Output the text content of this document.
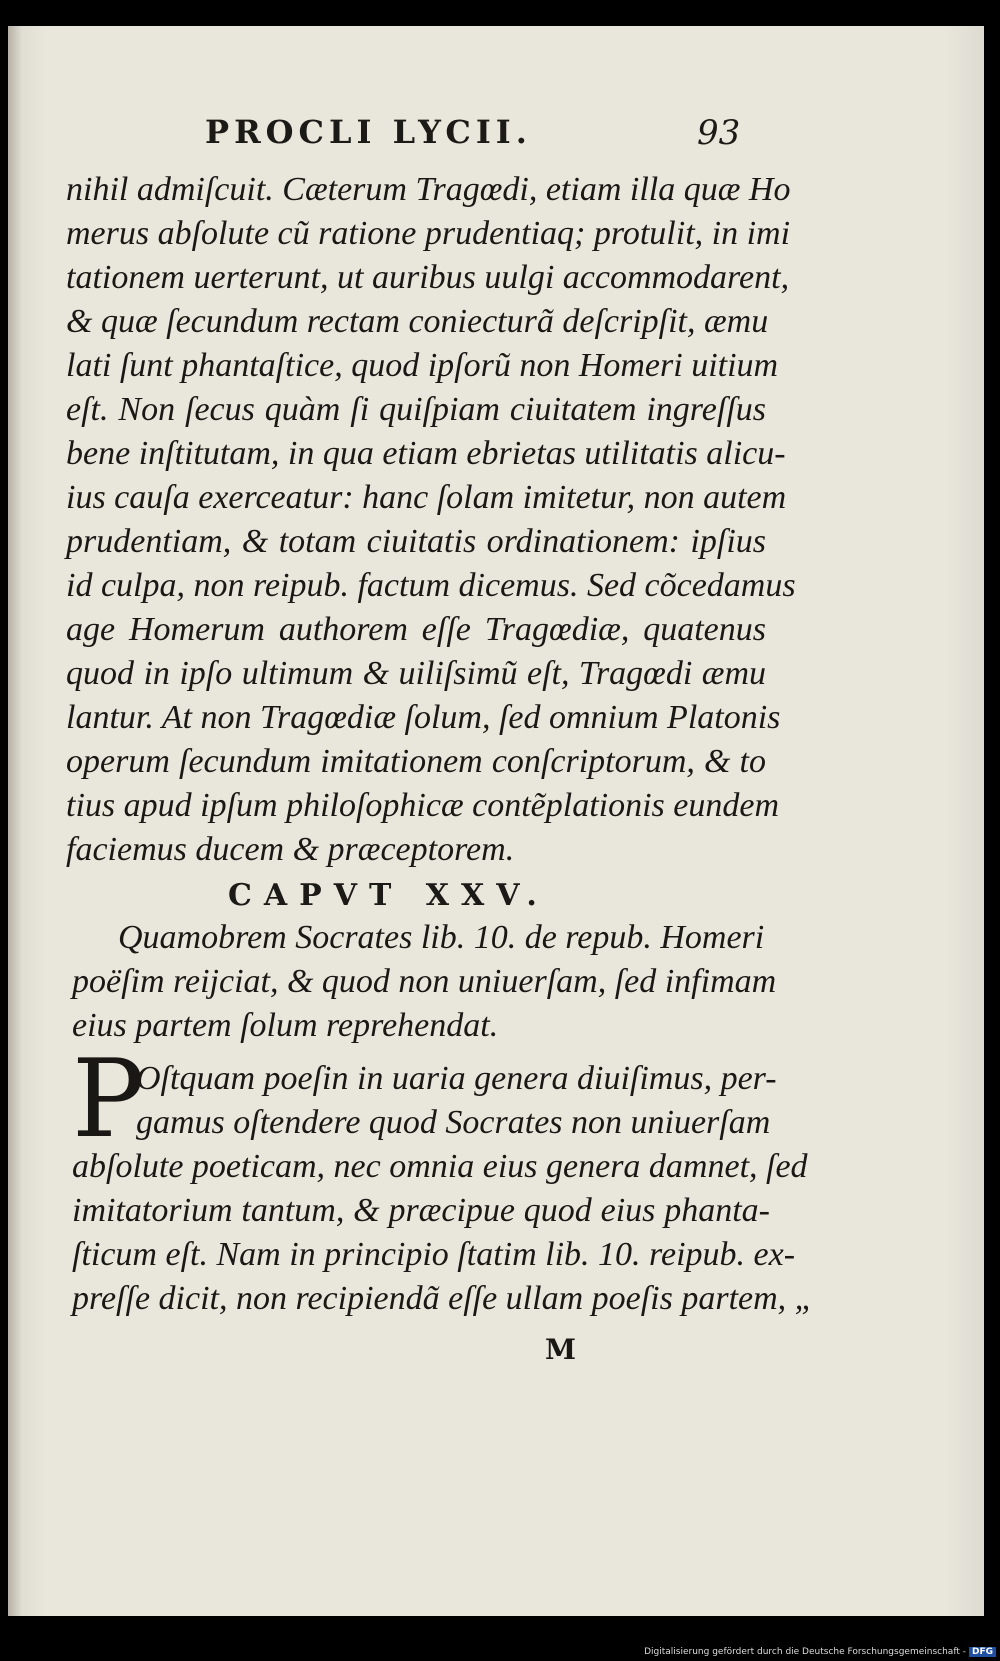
PROCLI LYCII.	93
nihil admiſcuit. Cæterum Tragœdi, etiam illa quæ Ho
merus abſolute cũ ratione prudentiaq; protulit, in imi
tationem uerterunt, ut auribus uulgi accommodarent,
& quæ ſecundum rectam coniecturã deſcripſit, æmu
lati ſunt phantaſtice, quod ipſorũ non Homeri uitium
eſt. Non ſecus quàm ſi quiſpiam ciuitatem ingreſſus
bene inſtitutam, in qua etiam ebrietas utilitatis alicu-
ius cauſa exerceatur: hanc ſolam imitetur, non autem
prudentiam, & totam ciuitatis ordinationem: ipſius
id culpa, non reipub. factum dicemus. Sed cõcedamus
age Homerum authorem eſſe Tragœdiæ, quatenus
quod in ipſo ultimum & uiliſsimũ eſt, Tragœdi æmu
lantur. At non Tragœdiæ ſolum, ſed omnium Platonis
operum ſecundum imitationem conſcriptorum, & to
tius apud ipſum philoſophicæ contẽplationis eundem
faciemus ducem & præceptorem.
CAPVT XXV.
Quamobrem Socrates lib. 10. de repub. Homeri
poëſim reijciat, & quod non uniuerſam, ſed infimam
eius partem ſolum reprehendat.
P
Oſtquam poeſin in uaria genera diuiſimus, per-
gamus oſtendere quod Socrates non uniuerſam
abſolute poeticam, nec omnia eius genera damnet, ſed
imitatorium tantum, & præcipue quod eius phanta-
ſticum eſt. Nam in principio ſtatim lib. 10. reipub. ex-
preſſe dicit, non recipiendã eſſe ullam poeſis partem, „
M
Digitalisierung gefördert durch die Deutsche Forschungsgemeinschaft - DFG
